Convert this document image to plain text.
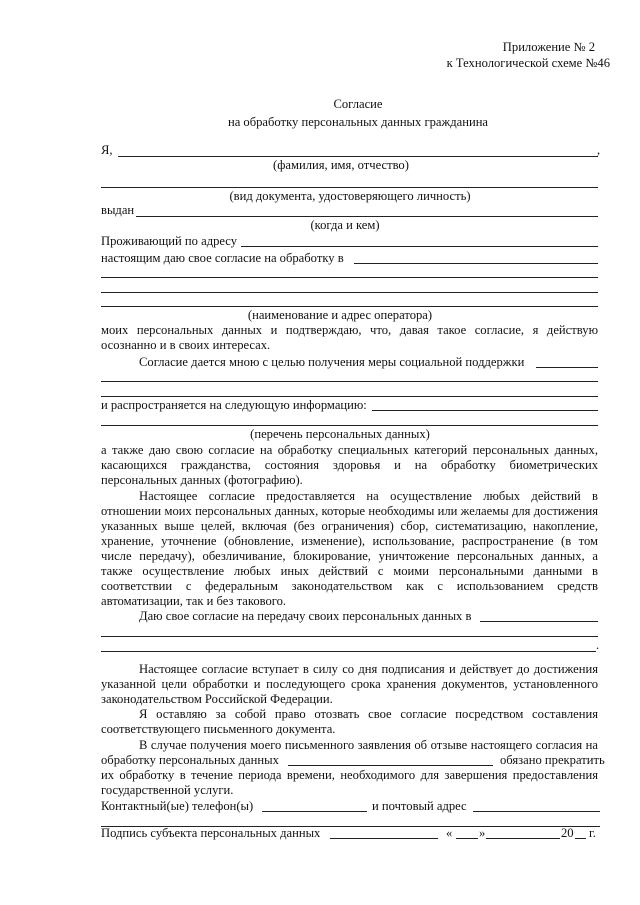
Приложение № 2
к Технологической схеме №46
Согласие
на обработку персональных данных гражданина
Я,	,
(фамилия, имя, отчество)
(вид документа, удостоверяющего личность)
выдан
(когда и кем)
Проживающий по адресу
настоящим даю свое согласие на обработку в
(наименование и адрес оператора)
моих персональных данных и подтверждаю, что, давая такое согласие, я действую
осознанно и в своих интересах.
Согласие дается мною с целью получения меры социальной поддержки
и распространяется на следующую информацию:
(перечень персональных данных)
а также даю свою согласие на обработку специальных категорий персональных данных,
касающихся гражданства, состояния здоровья и на обработку биометрических
персональных данных (фотографию).
Настоящее согласие предоставляется на осуществление любых действий в
отношении моих персональных данных, которые необходимы или желаемы для достижения
указанных выше целей, включая (без ограничения) сбор, систематизацию, накопление,
хранение, уточнение (обновление, изменение), использование, распространение (в том
числе передачу), обезличивание, блокирование, уничтожение персональных данных, а
также осуществление любых иных действий с моими персональными данными в
соответствии с федеральным законодательством как с использованием средств
автоматизации, так и без такового.
Даю свое согласие на передачу своих персональных данных в
.
Настоящее согласие вступает в силу со дня подписания и действует до достижения
указанной цели обработки и последующего срока хранения документов, установленного
законодательством Российской Федерации.
Я оставляю за собой право отозвать свое согласие посредством составления
соответствующего письменного документа.
В случае получения моего письменного заявления об отзыве настоящего согласия на
обработку персональных данных	обязано прекратить
их обработку в течение периода времени, необходимого для завершения предоставления
государственной услуги.
Контактный(ые) телефон(ы)	и почтовый адрес
Подпись субъекта персональных данных	« »	20 г.
